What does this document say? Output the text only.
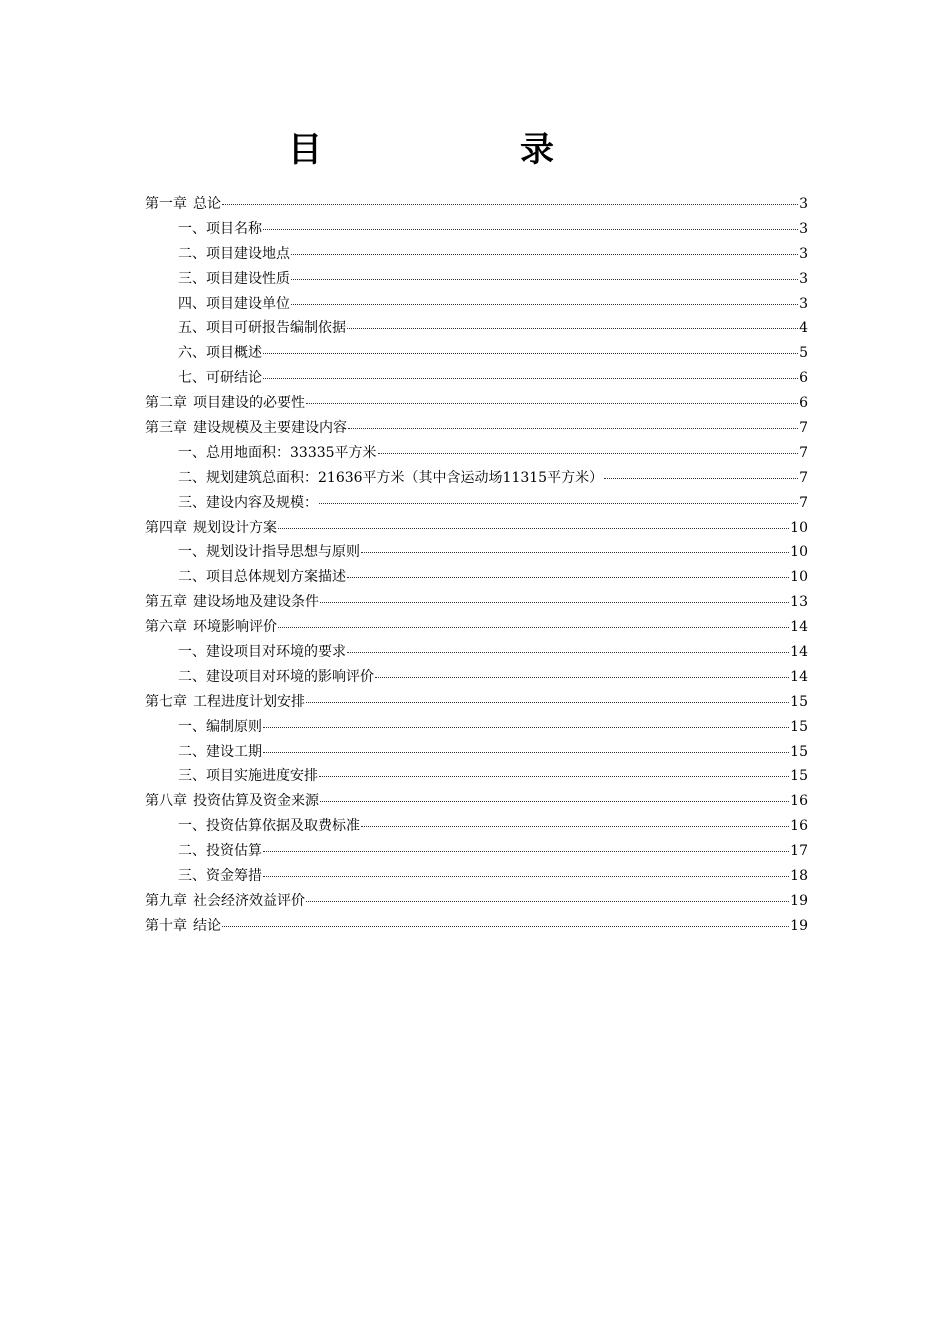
目　录
第一章 总论	3
一、项目名称	3
二、项目建设地点	3
三、项目建设性质	3
四、项目建设单位	3
五、项目可研报告编制依据	4
六、项目概述	5
七、可研结论	6
第二章 项目建设的必要性	6
第三章 建设规模及主要建设内容	7
一、总用地面积：33335平方米	7
二、规划建筑总面积：21636平方米（其中含运动场11315平方米）	7
三、建设内容及规模：	7
第四章 规划设计方案	10
一、规划设计指导思想与原则	10
二、项目总体规划方案描述	10
第五章 建设场地及建设条件	13
第六章 环境影响评价	14
一、建设项目对环境的要求	14
二、建设项目对环境的影响评价	14
第七章 工程进度计划安排	15
一、编制原则	15
二、建设工期	15
三、项目实施进度安排	15
第八章 投资估算及资金来源	16
一、投资估算依据及取费标准	16
二、投资估算	17
三、资金筹措	18
第九章 社会经济效益评价	19
第十章 结论	19
